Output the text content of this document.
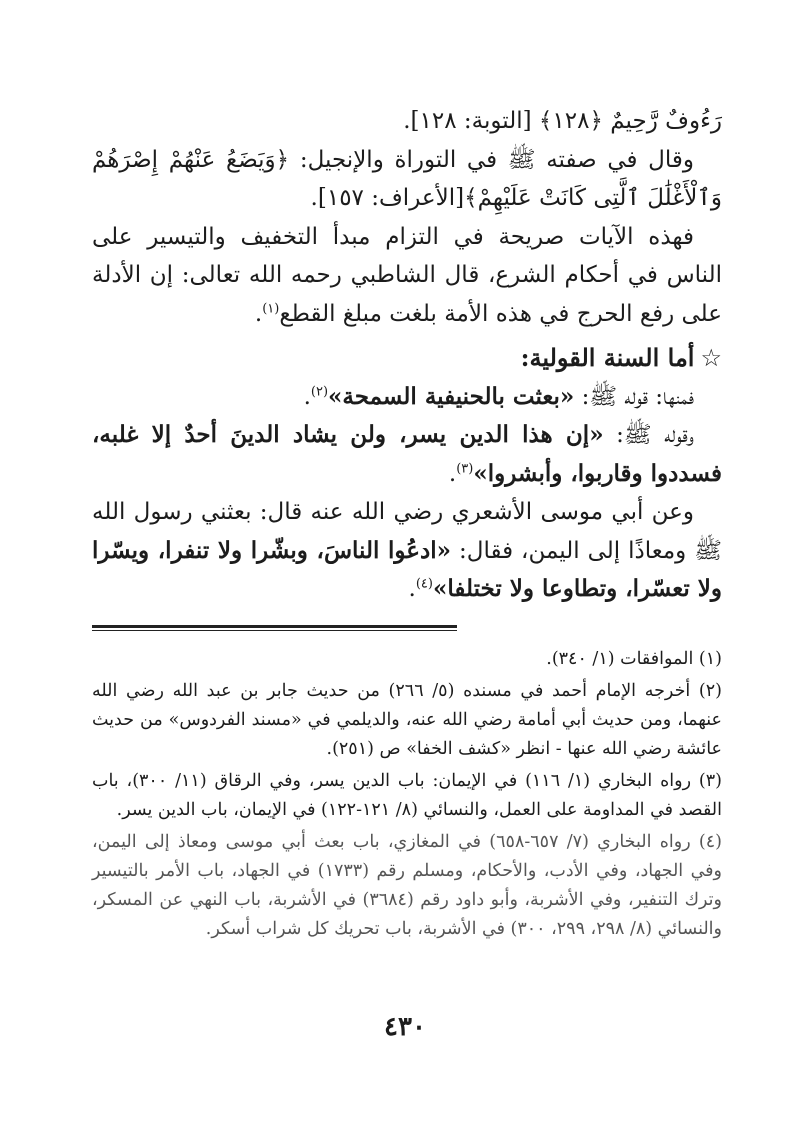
رَءُوفٌ رَّحِيمٌ ﴿١٢٨﴾ [التوبة: ١٢٨].

وقال في صفته ﷺ في التوراة والإنجيل: ﴿وَيَضَعُ عَنْهُمْ إِصْرَهُمْ وَٱلْأَغْلَٰلَ ٱلَّتِى كَانَتْ عَلَيْهِمْ﴾[الأعراف: ١٥٧].

فهذه الآيات صريحة في التزام مبدأ التخفيف والتيسير على الناس في أحكام الشرع، قال الشاطبي رحمه الله تعالى: إن الأدلة على رفع الحرج في هذه الأمة بلغت مبلغ القطع$^{(١)}$.

☆أما السنة القولية:

فمنها: قوله ﷺ: «بعثت بالحنيفية السمحة»$^{(٢)}$.

وقوله ﷺ: «إن هذا الدين يسر، ولن يشاد الدينَ أحدٌ إلا غلبه، فسددوا وقاربوا، وأبشروا»$^{(٣)}$.

وعن أبي موسى الأشعري رضي الله عنه قال: بعثني رسول الله ﷺ ومعاذًا إلى اليمن، فقال: «ادعُوا الناسَ، وبشّرا ولا تنفرا، ويسّرا ولا تعسّرا، وتطاوعا ولا تختلفا»$^{(٤)}$.

(١) الموافقات (١/ ٣٤٠).

(٢) أخرجه الإمام أحمد في مسنده (٥/ ٢٦٦) من حديث جابر بن عبد الله رضي الله عنهما، ومن حديث أبي أمامة رضي الله عنه، والديلمي في «مسند الفردوس» من حديث عائشة رضي الله عنها - انظر «كشف الخفا» ص (٢٥١).

(٣) رواه البخاري (١/ ١١٦) في الإيمان: باب الدين يسر، وفي الرقاق (١١/ ٣٠٠)، باب القصد في المداومة على العمل، والنسائي (٨/ ١٢١-١٢٢) في الإيمان، باب الدين يسر.

(٤) رواه البخاري (٧/ ٦٥٧-٦٥٨) في المغازي، باب بعث أبي موسى ومعاذ إلى اليمن، وفي الجهاد، وفي الأدب، والأحكام، ومسلم رقم (١٧٣٣) في الجهاد، باب الأمر بالتيسير وترك التنفير، وفي الأشربة، وأبو داود رقم (٣٦٨٤) في الأشربة، باب النهي عن المسكر، والنسائي (٨/ ٢٩٨، ٢٩٩، ٣٠٠) في الأشربة، باب تحريك كل شراب أسكر.

٤٣٠
